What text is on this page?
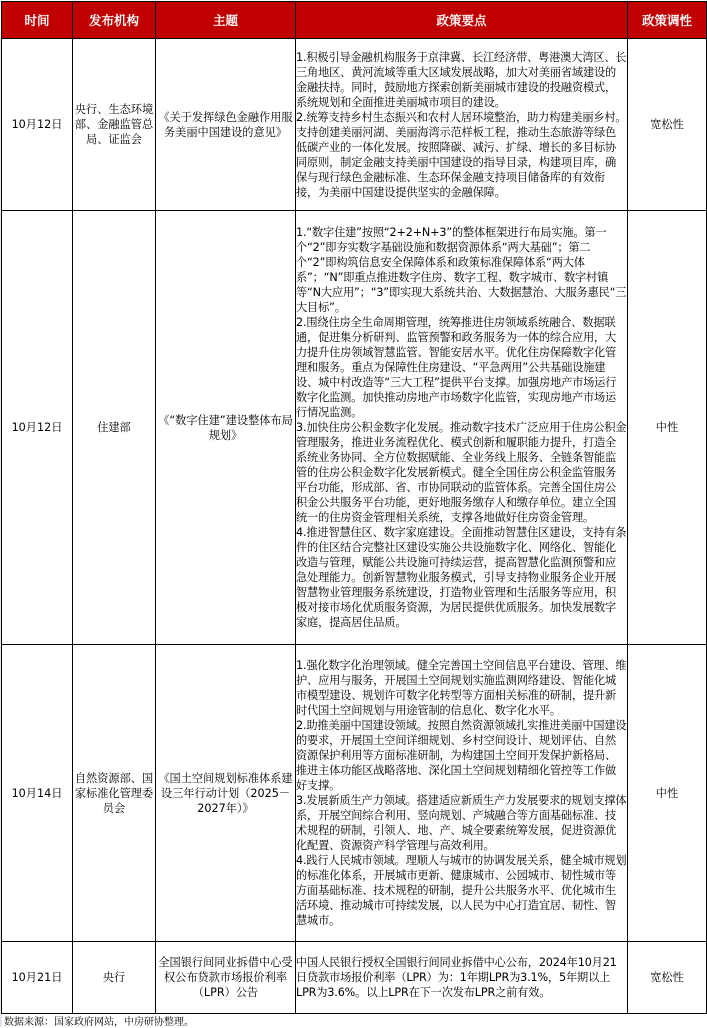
时间	发布机构	主题	政策要点	政策调性
10月12日	央行、生态环境部、金融监管总局、证监会	《关于发挥绿色金融作用服务美丽中国建设的意见》	1.积极引导金融机构服务于京津冀、长江经济带、粤港澳大湾区、长三角地区、黄河流域等重大区域发展战略，加大对美丽省域建设的金融扶持。同时，鼓励地方探索创新美丽城市建设的投融资模式，系统规划和全面推进美丽城市项目的建设。
2.统筹支持乡村生态振兴和农村人居环境整治，助力构建美丽乡村。支持创建美丽河湖、美丽海湾示范样板工程，推动生态旅游等绿色低碳产业的一体化发展。按照降碳、减污、扩绿、增长的多目标协同原则，制定金融支持美丽中国建设的指导目录，构建项目库，确保与现行绿色金融标准、生态环保金融支持项目储备库的有效衔接，为美丽中国建设提供坚实的金融保障。	宽松性
10月12日	住建部	《“数字住建”建设整体布局规划》	1.“数字住建”按照“2+2+N+3”的整体框架进行布局实施。第一个“2”即夯实数字基础设施和数据资源体系“两大基础”；第二个“2”即构筑信息安全保障体系和政策标准保障体系“两大体系”；“N”即重点推进数字住房、数字工程、数字城市、数字村镇等“N大应用”；“3”即实现大系统共治、大数据慧治、大服务惠民“三大目标”。
2.围绕住房全生命周期管理，统筹推进住房领域系统融合、数据联通，促进集分析研判、监管预警和政务服务为一体的综合应用，大力提升住房领域智慧监管、智能安居水平。优化住房保障数字化管理和服务。重点为保障性住房建设、“平急两用”公共基础设施建设、城中村改造等“三大工程”提供平台支撑。加强房地产市场运行数字化监测。加快推动房地产市场数字化监管，实现房地产市场运行情况监测。
3.加快住房公积金数字化发展。推动数字技术广泛应用于住房公积金管理服务，推进业务流程优化、模式创新和履职能力提升，打造全系统业务协同、全方位数据赋能、全业务线上服务、全链条智能监管的住房公积金数字化发展新模式。健全全国住房公积金监管服务平台功能，形成部、省、市协同联动的监管体系。完善全国住房公积金公共服务平台功能，更好地服务缴存人和缴存单位。建立全国统一的住房资金管理相关系统，支撑各地做好住房资金管理。
4.推进智慧住区、数字家庭建设。全面推动智慧住区建设，支持有条件的住区结合完整社区建设实施公共设施数字化、网络化、智能化改造与管理，赋能公共设施可持续运营，提高智慧化监测预警和应急处理能力。创新智慧物业服务模式，引导支持物业服务企业开展智慧物业管理服务系统建设，打造物业管理和生活服务等应用，积极对接市场化优质服务资源，为居民提供优质服务。加快发展数字家庭，提高居住品质。	中性
10月14日	自然资源部、国家标准化管理委员会	《国土空间规划标准体系建设三年行动计划（2025－2027年）》	1.强化数字化治理领域。健全完善国土空间信息平台建设、管理、维护、应用与服务，开展国土空间规划实施监测网络建设、智能化城市模型建设、规划许可数字化转型等方面相关标准的研制，提升新时代国土空间规划与用途管制的信息化、数字化水平。
2.助推美丽中国建设领域。按照自然资源领域扎实推进美丽中国建设的要求，开展国土空间详细规划、乡村空间设计、规划评估、自然资源保护利用等方面标准研制，为构建国土空间开发保护新格局、推进主体功能区战略落地、深化国土空间规划精细化管控等工作做好支撑。
3.发展新质生产力领域。搭建适应新质生产力发展要求的规划支撑体系，开展空间综合利用、竖向规划、产城融合等方面基础标准、技术规程的研制，引领人、地、产、城全要素统筹发展，促进资源优化配置、资源资产科学管理与高效利用。
4.践行人民城市领域。理顺人与城市的协调发展关系，健全城市规划的标准化体系，开展城市更新、健康城市、公园城市、韧性城市等方面基础标准、技术规程的研制，提升公共服务水平、优化城市生活环境、推动城市可持续发展，以人民为中心打造宜居、韧性、智慧城市。	中性
10月21日	央行	全国银行间同业拆借中心受权公布贷款市场报价利率（LPR）公告	中国人民银行授权全国银行间同业拆借中心公布，2024年10月21日贷款市场报价利率（LPR）为：1年期LPR为3.1%，5年期以上LPR为3.6%。以上LPR在下一次发布LPR之前有效。	宽松性
数据来源：国家政府网站，中房研协整理。
